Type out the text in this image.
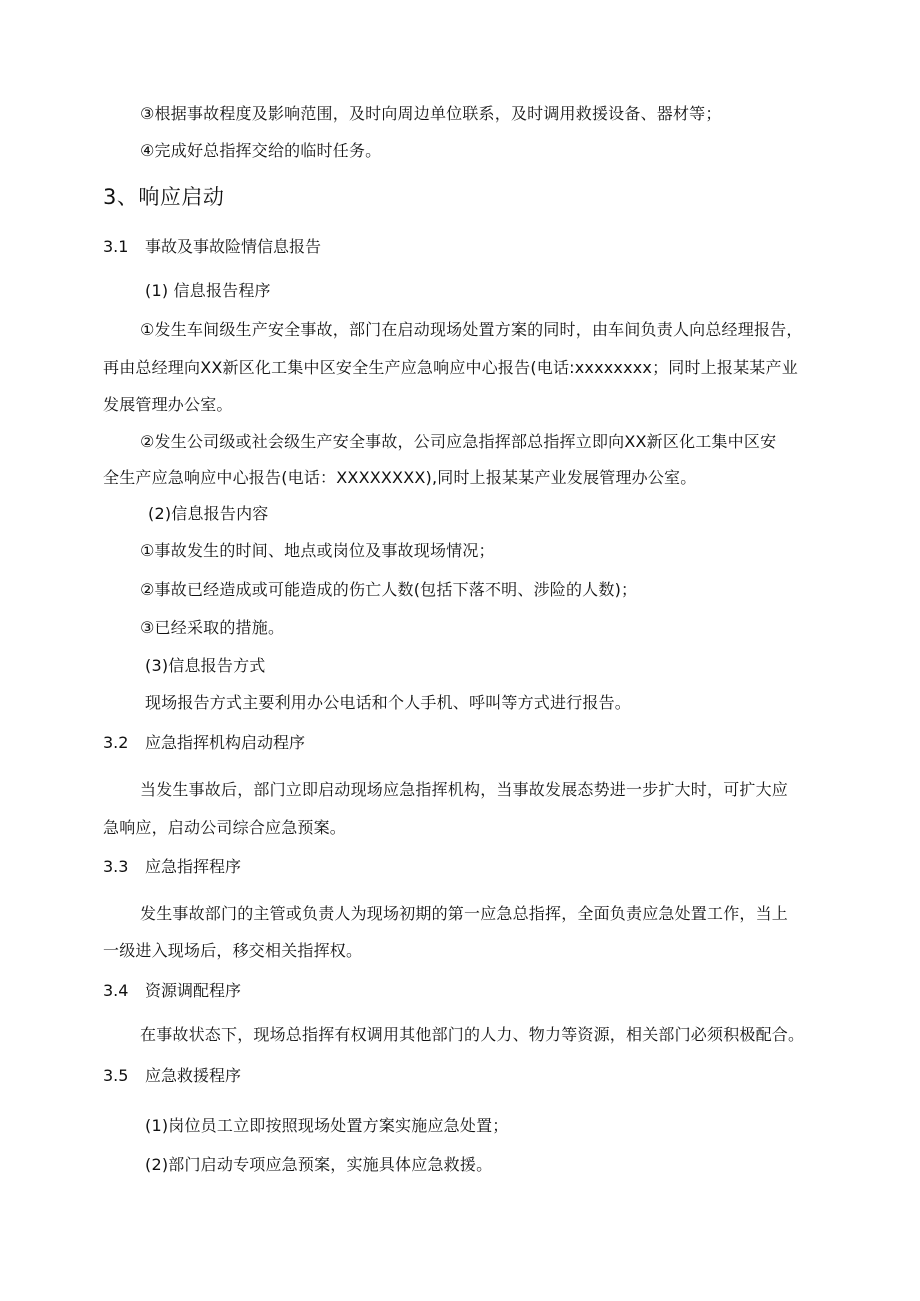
③根据事故程度及影响范围，及时向周边单位联系，及时调用救援设备、器材等；
④完成好总指挥交给的临时任务。
3、响应启动
3.1 事故及事故险情信息报告
(1) 信息报告程序
①发生车间级生产安全事故，部门在启动现场处置方案的同时，由车间负责人向总经理报告，
再由总经理向XX新区化工集中区安全生产应急响应中心报告(电话:xxxxxxxx；同时上报某某产业
发展管理办公室。
②发生公司级或社会级生产安全事故，公司应急指挥部总指挥立即向XX新区化工集中区安
全生产应急响应中心报告(电话：XXXXXXXX),同时上报某某产业发展管理办公室。
(2)信息报告内容
①事故发生的时间、地点或岗位及事故现场情况；
②事故已经造成或可能造成的伤亡人数(包括下落不明、涉险的人数)；
③已经采取的措施。
(3)信息报告方式
现场报告方式主要利用办公电话和个人手机、呼叫等方式进行报告。
3.2 应急指挥机构启动程序
当发生事故后，部门立即启动现场应急指挥机构，当事故发展态势进一步扩大时，可扩大应
急响应，启动公司综合应急预案。
3.3 应急指挥程序
发生事故部门的主管或负责人为现场初期的第一应急总指挥，全面负责应急处置工作，当上
一级进入现场后，移交相关指挥权。
3.4 资源调配程序
在事故状态下，现场总指挥有权调用其他部门的人力、物力等资源，相关部门必须积极配合。
3.5 应急救援程序
(1)岗位员工立即按照现场处置方案实施应急处置；
(2)部门启动专项应急预案，实施具体应急救援。
